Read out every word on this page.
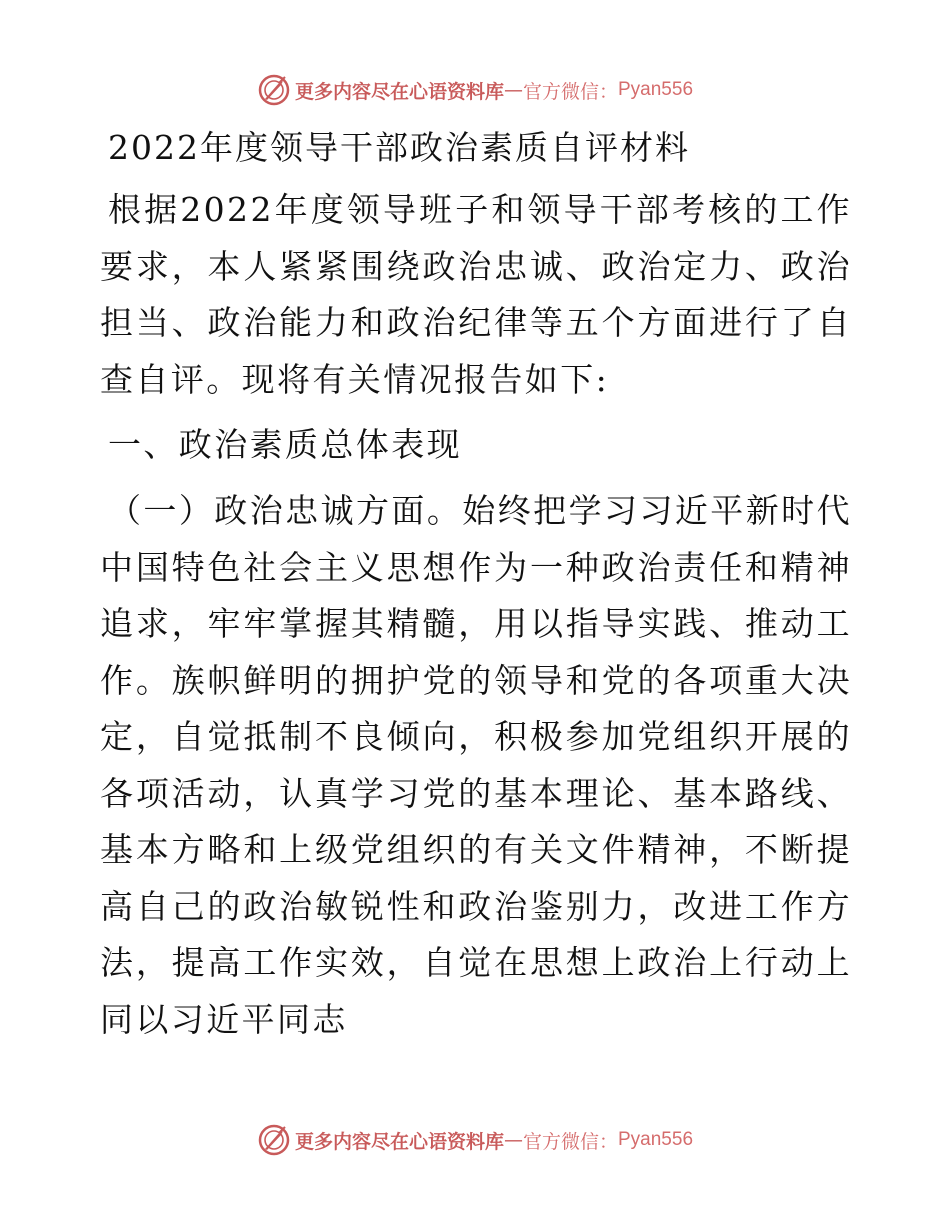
更多内容尽在心语资料库 — 官方微信： Pyan556
2022年度领导干部政治素质自评材料

根据2022年度领导班子和领导干部考核的工作要求，本人紧紧围绕政治忠诚、政治定力、政治担当、政治能力和政治纪律等五个方面进行了自查自评。现将有关情况报告如下:

一、政治素质总体表现

（一）政治忠诚方面。始终把学习习近平新时代中国特色社会主义思想作为一种政治责任和精神追求，牢牢掌握其精髓，用以指导实践、推动工作。族帜鲜明的拥护党的领导和党的各项重大决定，自觉抵制不良倾向，积极参加党组织开展的各项活动，认真学习党的基本理论、基本路线、基本方略和上级党组织的有关文件精神，不断提高自己的政治敏锐性和政治鉴别力，改进工作方法，提高工作实效，自觉在思想上政治上行动上同以习近平同志

更多内容尽在心语资料库 — 官方微信： Pyan556
